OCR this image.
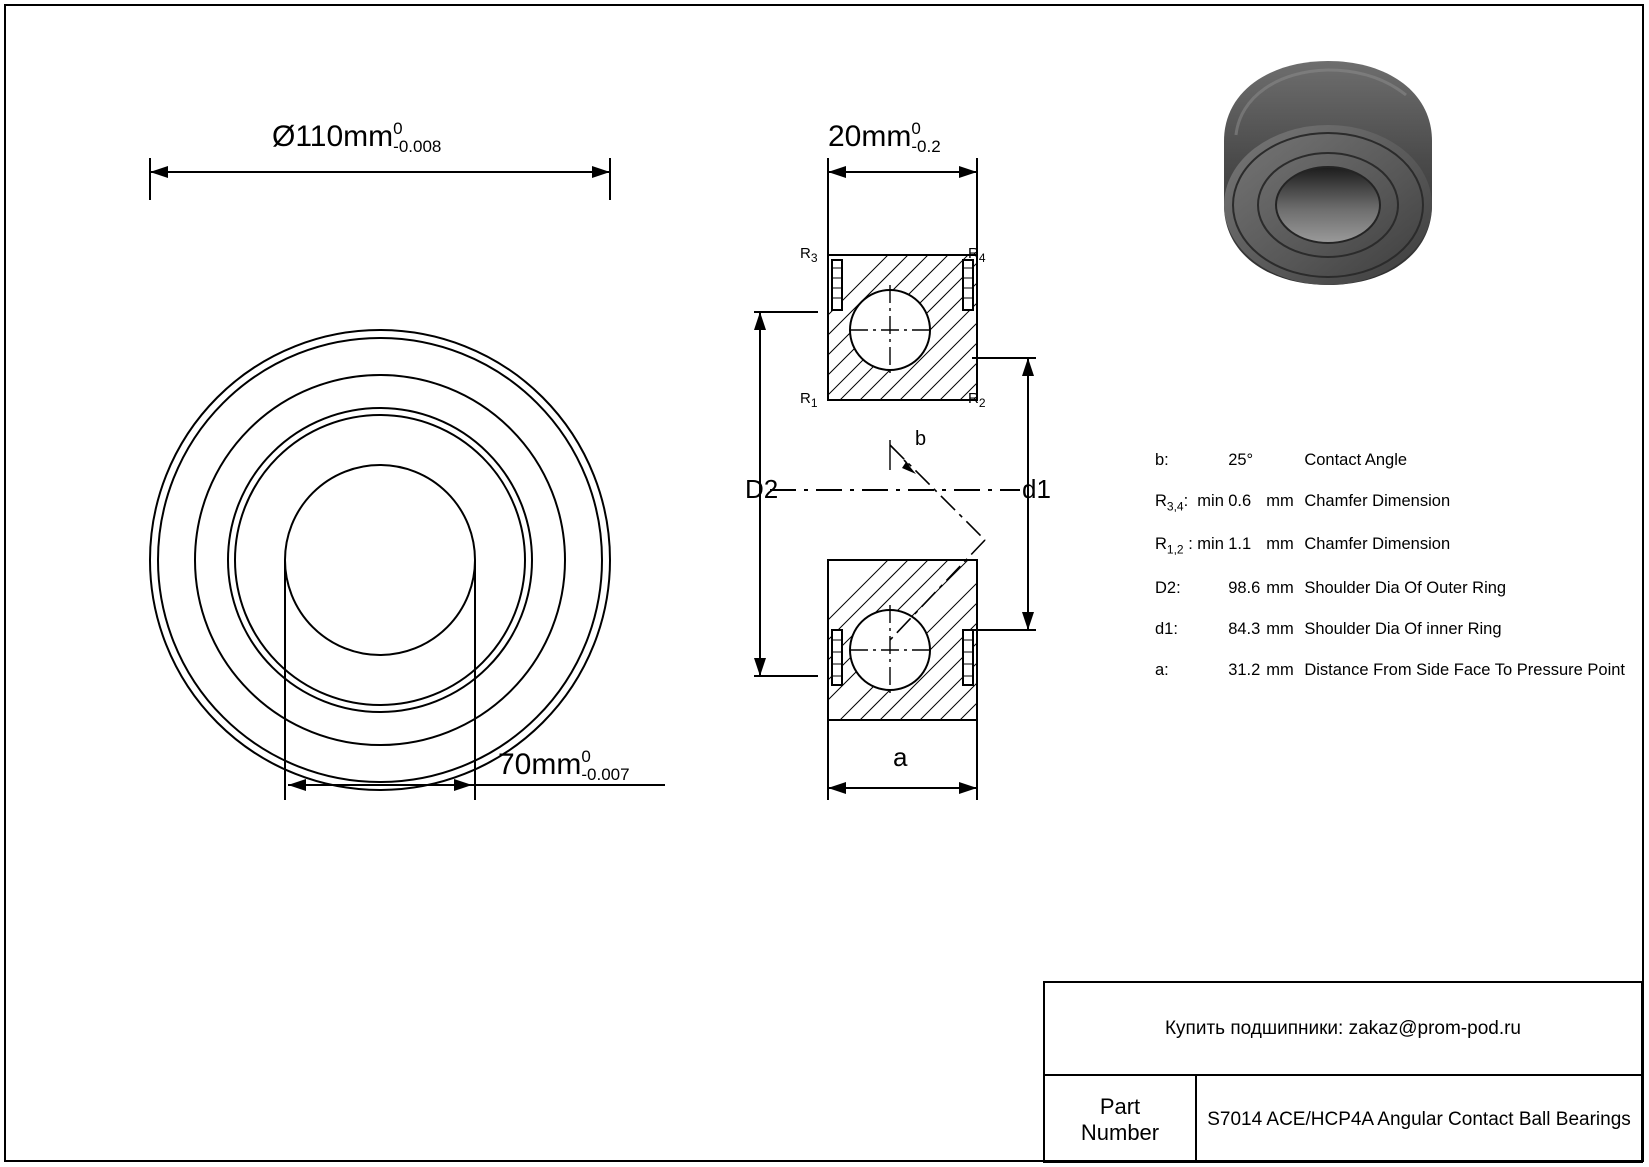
Ø110mm 0
-0.008
70mm 0
-0.007
20mm 0
-0.2
$R_3$	$R_4$
$R_1$	$R_2$
D2	d1
a
b
b:		25°		Contact Angle
$R_{3,4}$:	min	0.6	mm	Chamfer Dimension
$R_{1,2}$ :	min	1.1	mm	Chamfer Dimension
D2:		98.6	mm	Shoulder Dia Of Outer Ring
d1:		84.3	mm	Shoulder Dia Of inner Ring
a:		31.2	mm	Distance From Side Face To Pressure Point
Купить подшипники: zakaz@prom-pod.ru
Part
Number
S7014 ACE/HCP4A Angular Contact Ball Bearings
